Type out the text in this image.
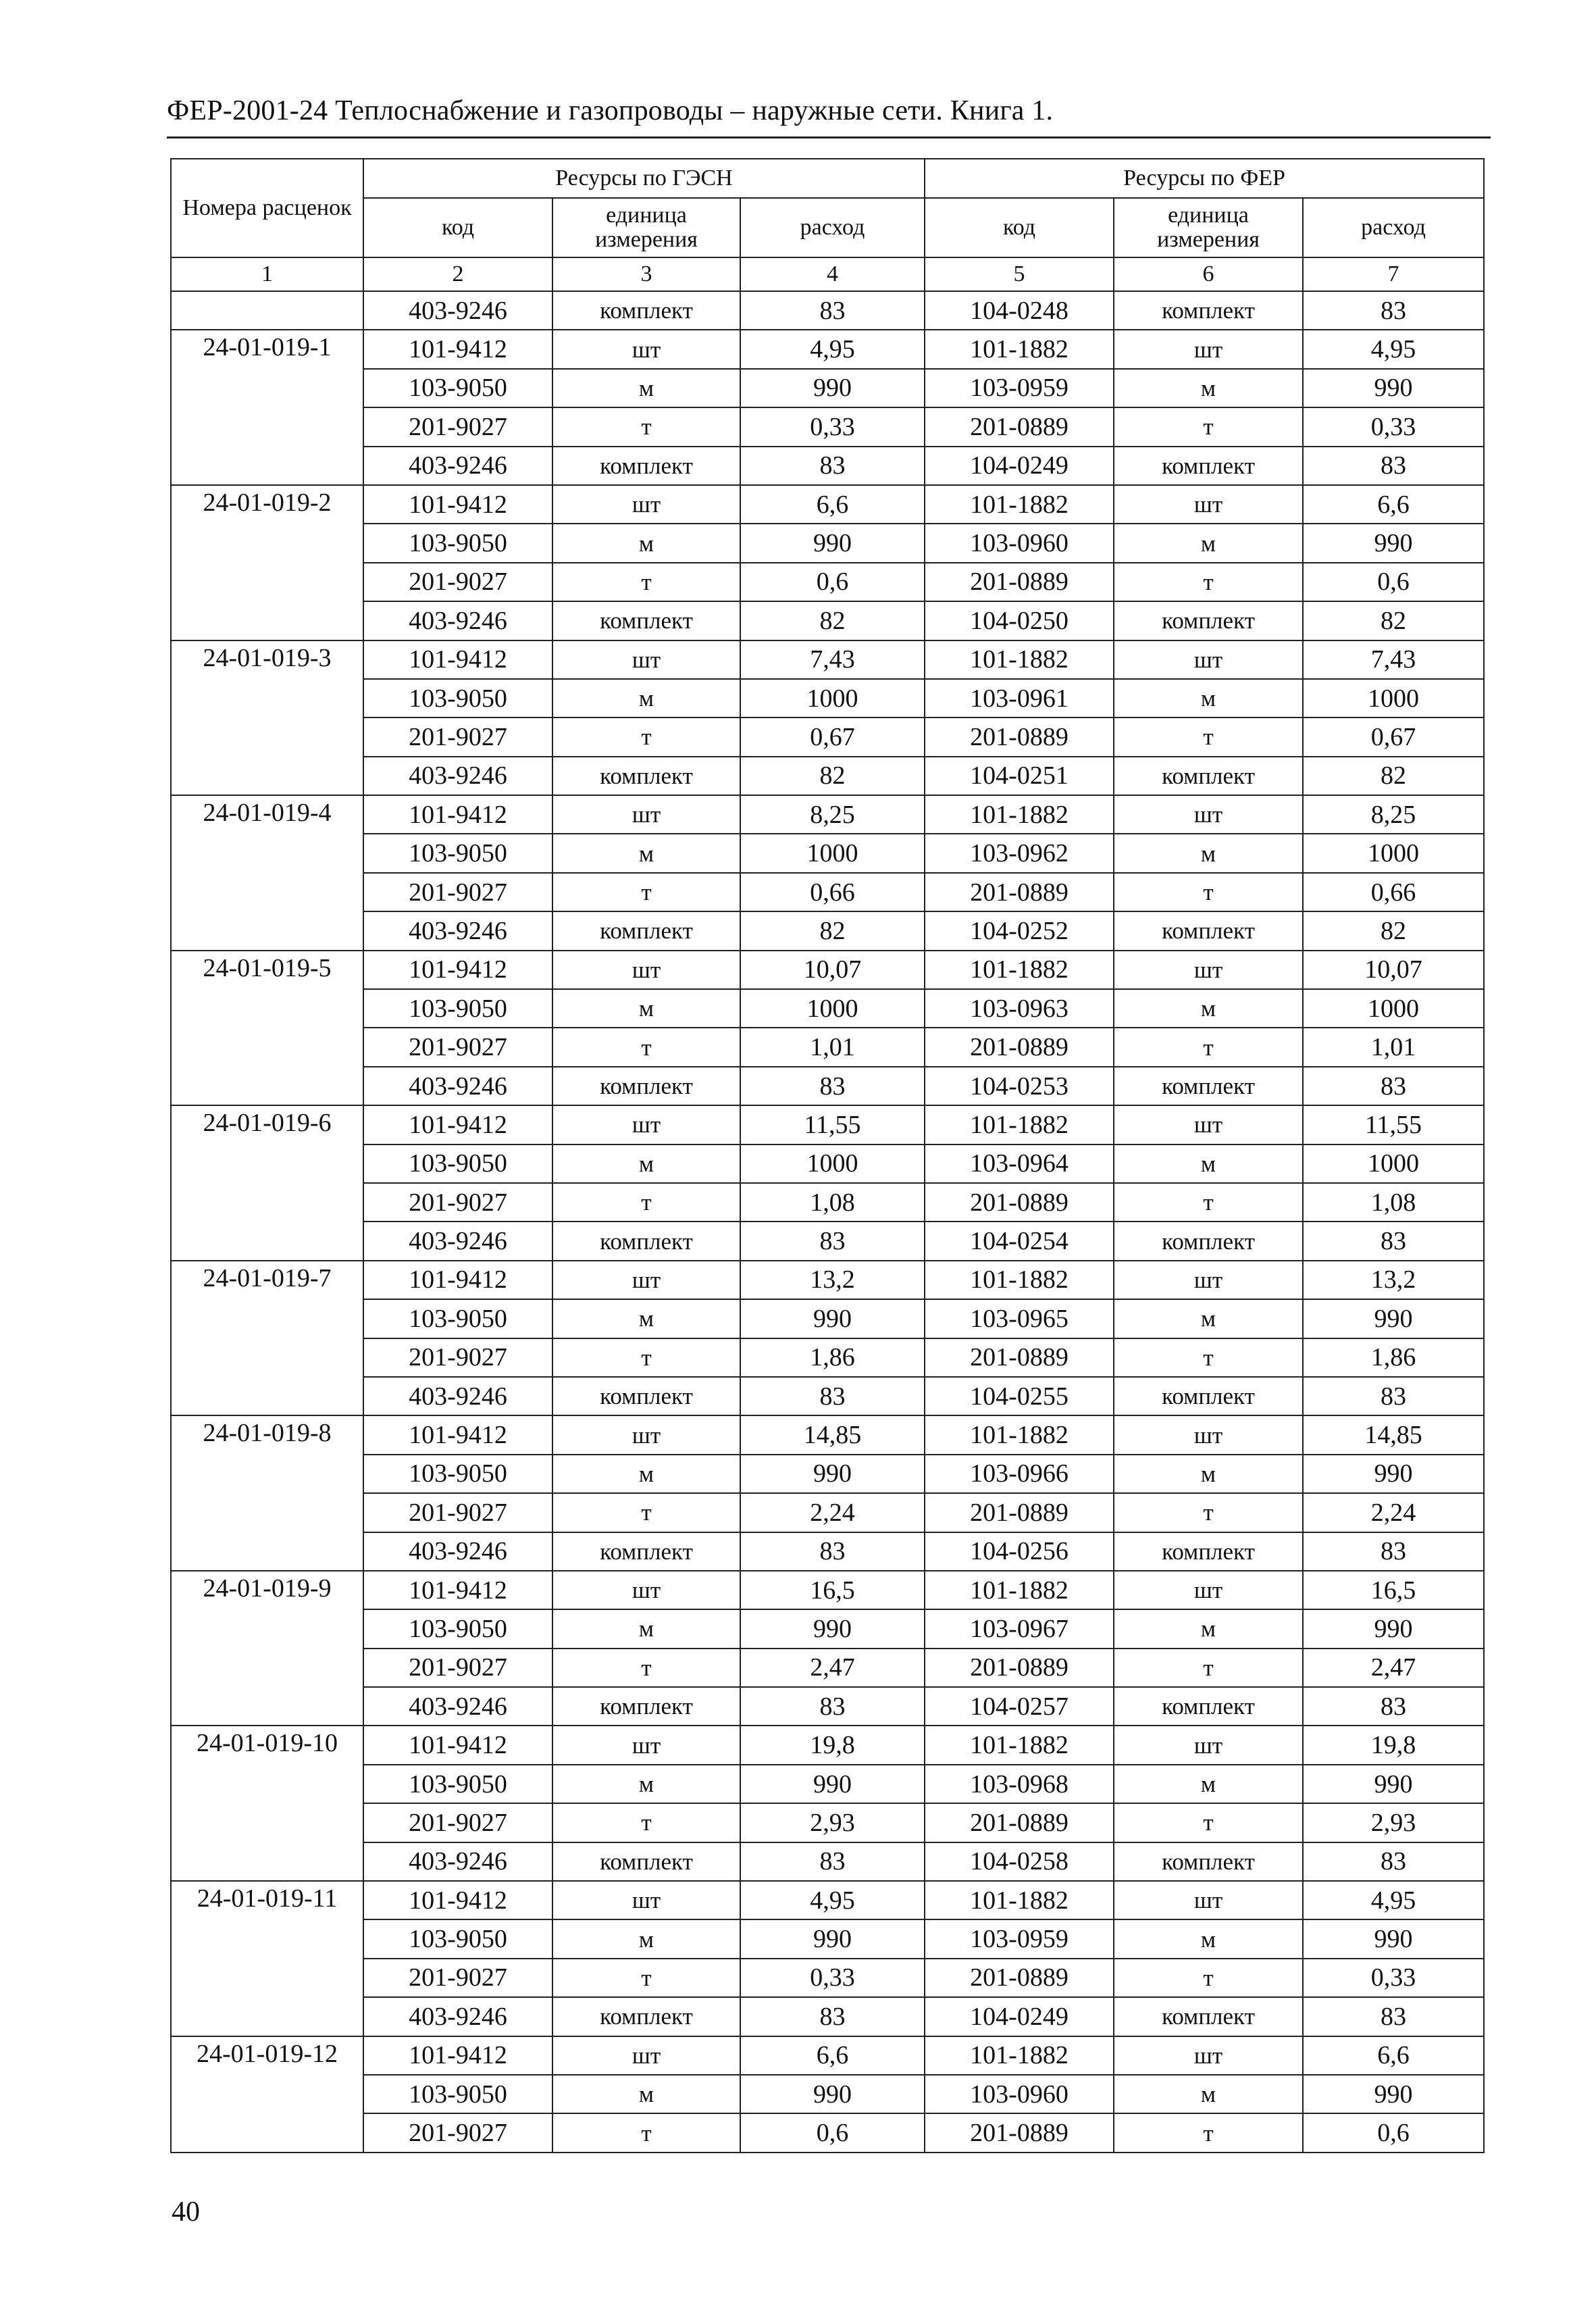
ФЕР-2001-24 Теплоснабжение и газопроводы – наружные сети. Книга 1.
Номера расценок	Ресурсы по ГЭСН			Ресурсы по ФЕР		
	код	единица измерения	расход	код	единица измерения	расход
1	2	3	4	5	6	7
	403-9246	комплект	83	104-0248	комплект	83
24-01-019-1	101-9412	шт	4,95	101-1882	шт	4,95
	103-9050	м	990	103-0959	м	990
	201-9027	т	0,33	201-0889	т	0,33
	403-9246	комплект	83	104-0249	комплект	83
24-01-019-2	101-9412	шт	6,6	101-1882	шт	6,6
	103-9050	м	990	103-0960	м	990
	201-9027	т	0,6	201-0889	т	0,6
	403-9246	комплект	82	104-0250	комплект	82
24-01-019-3	101-9412	шт	7,43	101-1882	шт	7,43
	103-9050	м	1000	103-0961	м	1000
	201-9027	т	0,67	201-0889	т	0,67
	403-9246	комплект	82	104-0251	комплект	82
24-01-019-4	101-9412	шт	8,25	101-1882	шт	8,25
	103-9050	м	1000	103-0962	м	1000
	201-9027	т	0,66	201-0889	т	0,66
	403-9246	комплект	82	104-0252	комплект	82
24-01-019-5	101-9412	шт	10,07	101-1882	шт	10,07
	103-9050	м	1000	103-0963	м	1000
	201-9027	т	1,01	201-0889	т	1,01
	403-9246	комплект	83	104-0253	комплект	83
24-01-019-6	101-9412	шт	11,55	101-1882	шт	11,55
	103-9050	м	1000	103-0964	м	1000
	201-9027	т	1,08	201-0889	т	1,08
	403-9246	комплект	83	104-0254	комплект	83
24-01-019-7	101-9412	шт	13,2	101-1882	шт	13,2
	103-9050	м	990	103-0965	м	990
	201-9027	т	1,86	201-0889	т	1,86
	403-9246	комплект	83	104-0255	комплект	83
24-01-019-8	101-9412	шт	14,85	101-1882	шт	14,85
	103-9050	м	990	103-0966	м	990
	201-9027	т	2,24	201-0889	т	2,24
	403-9246	комплект	83	104-0256	комплект	83
24-01-019-9	101-9412	шт	16,5	101-1882	шт	16,5
	103-9050	м	990	103-0967	м	990
	201-9027	т	2,47	201-0889	т	2,47
	403-9246	комплект	83	104-0257	комплект	83
24-01-019-10	101-9412	шт	19,8	101-1882	шт	19,8
	103-9050	м	990	103-0968	м	990
	201-9027	т	2,93	201-0889	т	2,93
	403-9246	комплект	83	104-0258	комплект	83
24-01-019-11	101-9412	шт	4,95	101-1882	шт	4,95
	103-9050	м	990	103-0959	м	990
	201-9027	т	0,33	201-0889	т	0,33
	403-9246	комплект	83	104-0249	комплект	83
24-01-019-12	101-9412	шт	6,6	101-1882	шт	6,6
	103-9050	м	990	103-0960	м	990
	201-9027	т	0,6	201-0889	т	0,6
40
